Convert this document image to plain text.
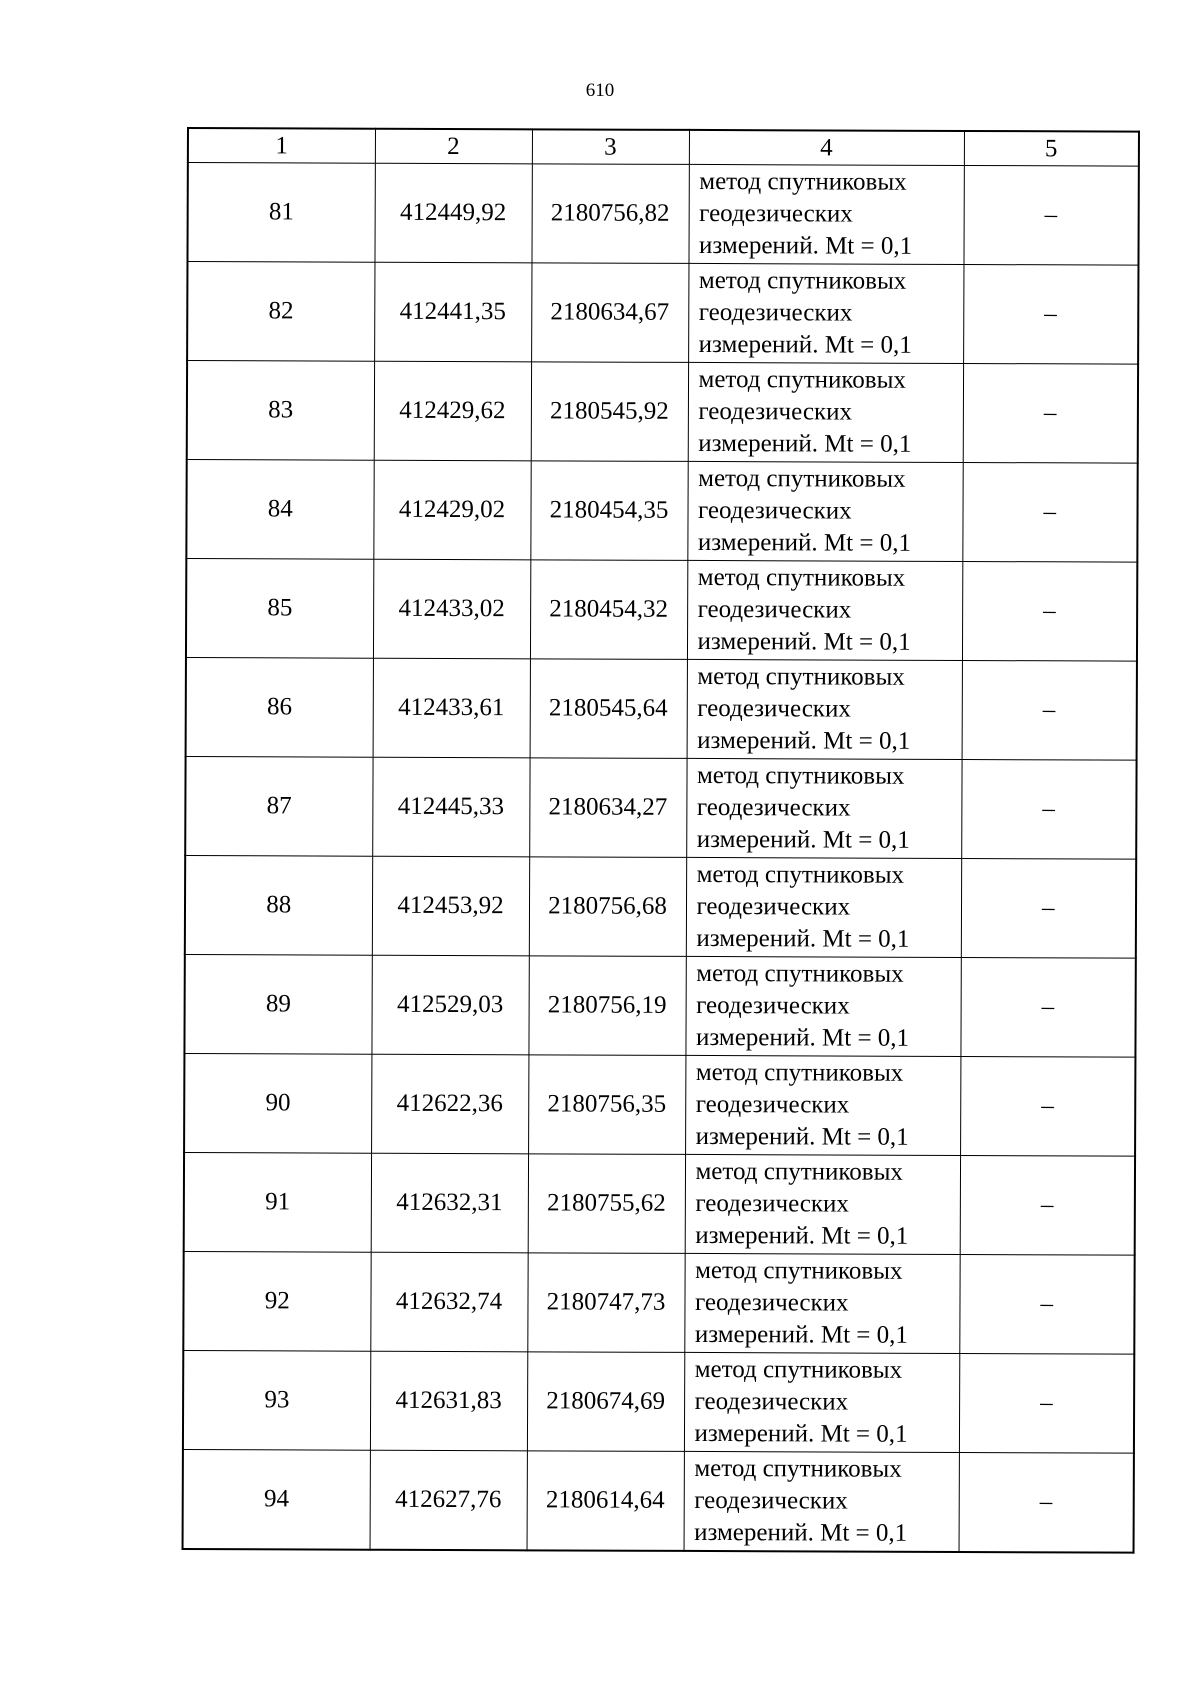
610
1	2	3	4	5
81	412449,92	2180756,82	метод спутниковых
геодезических
измерений. Mt = 0,1	–
82	412441,35	2180634,67	метод спутниковых
геодезических
измерений. Mt = 0,1	–
83	412429,62	2180545,92	метод спутниковых
геодезических
измерений. Mt = 0,1	–
84	412429,02	2180454,35	метод спутниковых
геодезических
измерений. Mt = 0,1	–
85	412433,02	2180454,32	метод спутниковых
геодезических
измерений. Mt = 0,1	–
86	412433,61	2180545,64	метод спутниковых
геодезических
измерений. Mt = 0,1	–
87	412445,33	2180634,27	метод спутниковых
геодезических
измерений. Mt = 0,1	–
88	412453,92	2180756,68	метод спутниковых
геодезических
измерений. Mt = 0,1	–
89	412529,03	2180756,19	метод спутниковых
геодезических
измерений. Mt = 0,1	–
90	412622,36	2180756,35	метод спутниковых
геодезических
измерений. Mt = 0,1	–
91	412632,31	2180755,62	метод спутниковых
геодезических
измерений. Mt = 0,1	–
92	412632,74	2180747,73	метод спутниковых
геодезических
измерений. Mt = 0,1	–
93	412631,83	2180674,69	метод спутниковых
геодезических
измерений. Mt = 0,1	–
94	412627,76	2180614,64	метод спутниковых
геодезических
измерений. Mt = 0,1	–
